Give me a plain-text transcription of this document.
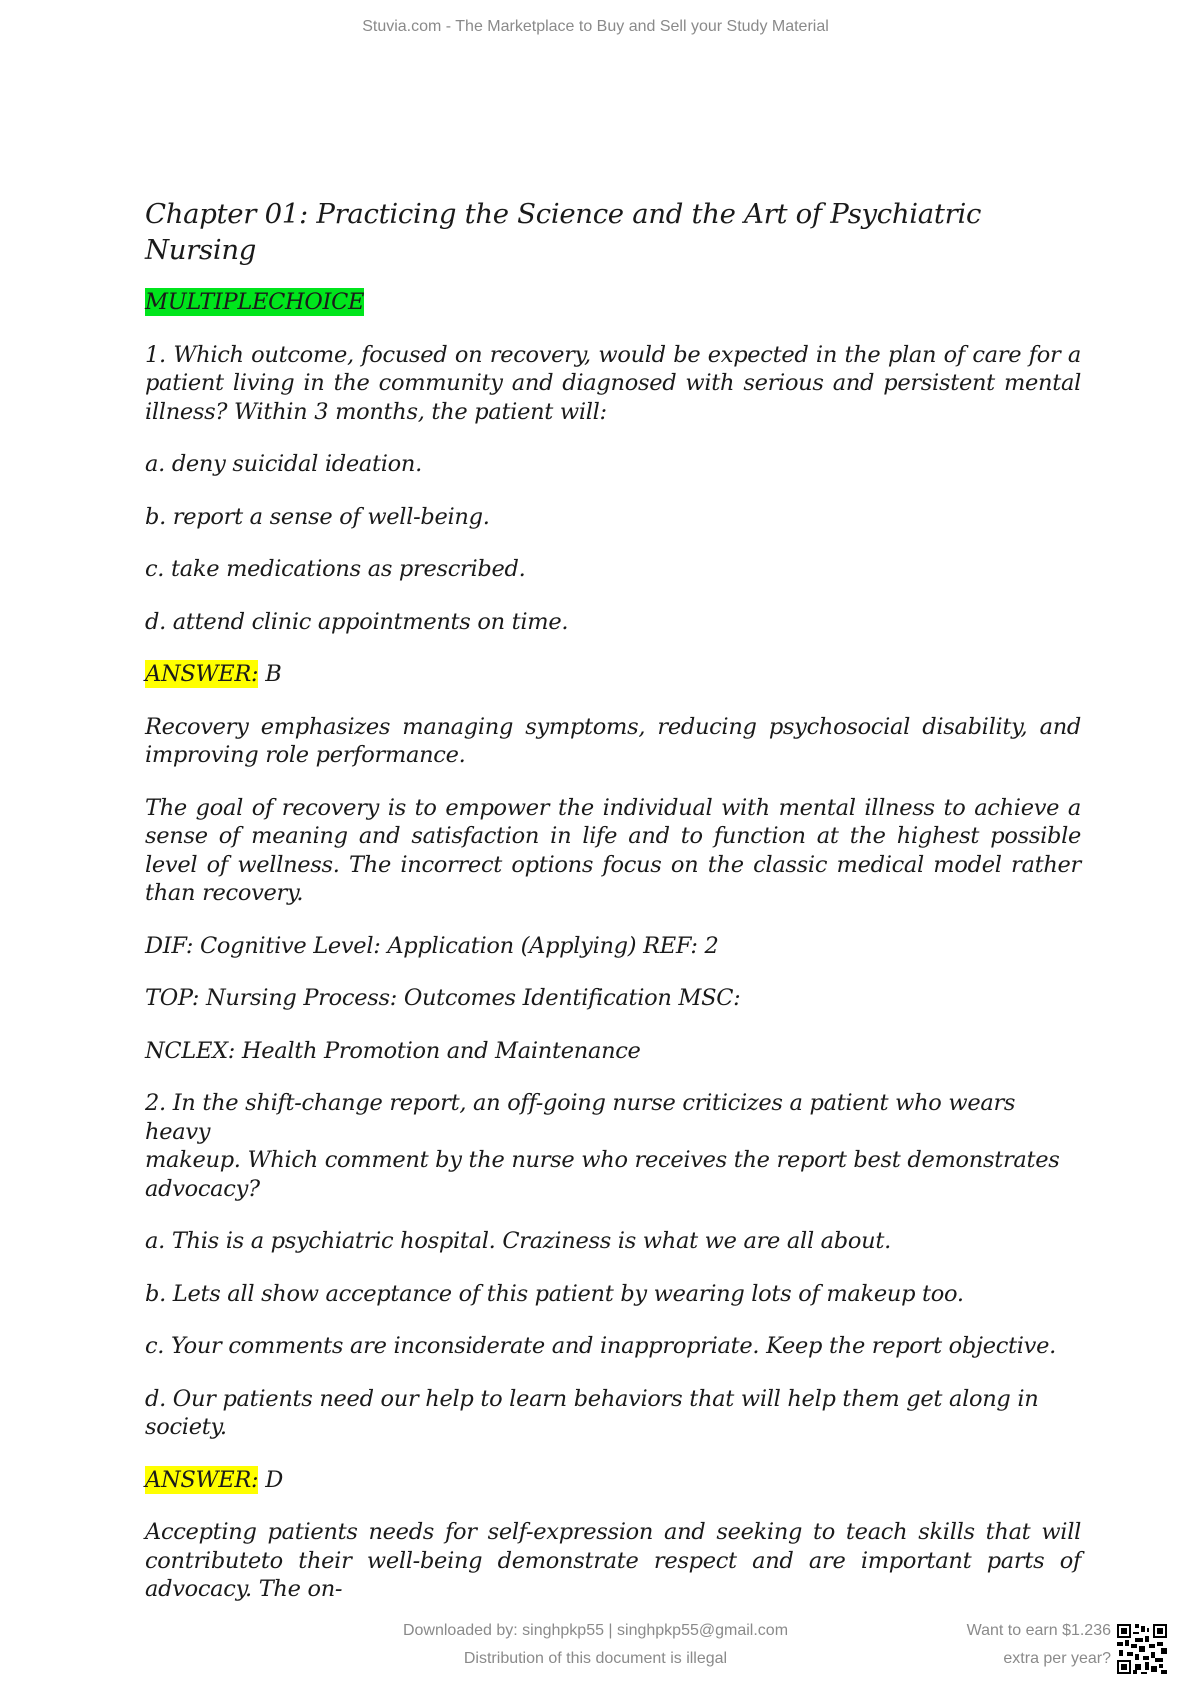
Stuvia.com - The Marketplace to Buy and Sell your Study Material
Chapter 01: Practicing the Science and the Art of Psychiatric Nursing

MULTIPLECHOICE

1. Which outcome, focused on recovery, would be expected in the plan of care for a patient living in the community and diagnosed with serious and persistent mental illness? Within 3 months, the patient will:

a. deny suicidal ideation.

b. report a sense of well-being.

c. take medications as prescribed.

d. attend clinic appointments on time.

ANSWER: B

Recovery emphasizes managing symptoms, reducing psychosocial disability, and improving role performance.

The goal of recovery is to empower the individual with mental illness to achieve a sense of meaning and satisfaction in life and to function at the highest possible level of wellness. The incorrect options focus on the classic medical model rather than recovery.

DIF: Cognitive Level: Application (Applying) REF: 2

TOP: Nursing Process: Outcomes Identification MSC:

NCLEX: Health Promotion and Maintenance

2. In the shift-change report, an off-going nurse criticizes a patient who wears heavy
makeup. Which comment by the nurse who receives the report best demonstrates
advocacy?

a. This is a psychiatric hospital. Craziness is what we are all about.

b. Lets all show acceptance of this patient by wearing lots of makeup too.

c. Your comments are inconsiderate and inappropriate. Keep the report objective.

d. Our patients need our help to learn behaviors that will help them get along in society.

ANSWER: D

Accepting patients needs for self-expression and seeking to teach skills that will contributeto their well-being demonstrate respect and are important parts of advocacy. The on-

Downloaded by: singhpkp55 | singhpkp55@gmail.com
Distribution of this document is illegal
Want to earn $1.236
extra per year?
